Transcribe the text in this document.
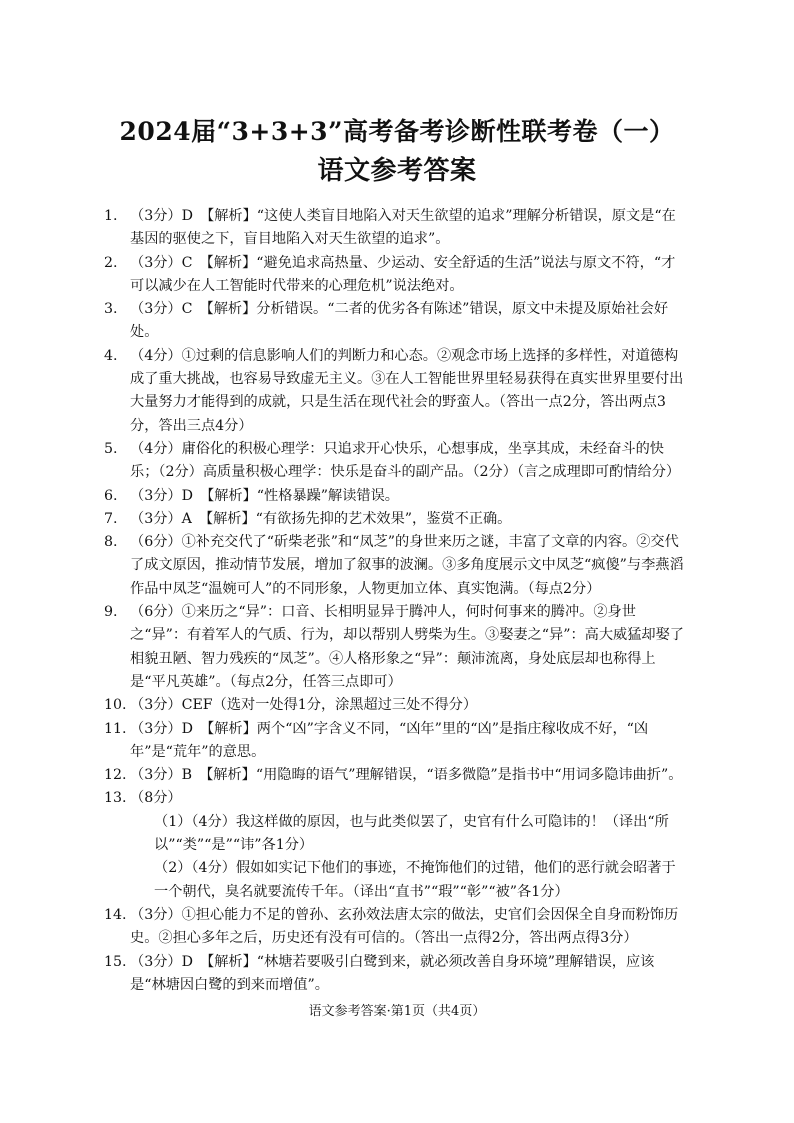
2024届“3+3+3”高考备考诊断性联考卷（一）
语文参考答案
1. （3分）D　【解析】“这使人类盲目地陷入对天生欲望的追求”理解分析错误，原文是“在基因的驱使之下，盲目地陷入对天生欲望的追求”。

2. （3分）C　【解析】“避免追求高热量、少运动、安全舒适的生活”说法与原文不符，“才可以减少在人工智能时代带来的心理危机”说法绝对。

3. （3分）C　【解析】分析错误。“二者的优劣各有陈述”错误，原文中未提及原始社会好处。

4. （4分）①过剩的信息影响人们的判断力和心态。②观念市场上选择的多样性，对道德构成了重大挑战，也容易导致虚无主义。③在人工智能世界里轻易获得在真实世界里要付出大量努力才能得到的成就，只是生活在现代社会的野蛮人。（答出一点2分，答出两点3分，答出三点4分）

5. （4分）庸俗化的积极心理学：只追求开心快乐，心想事成，坐享其成，未经奋斗的快乐；（2分）高质量积极心理学：快乐是奋斗的副产品。（2分）（言之成理即可酌情给分）

6. （3分）D　【解析】“性格暴躁”解读错误。

7. （3分）A　【解析】“有欲扬先抑的艺术效果”，鉴赏不正确。

8. （6分）①补充交代了“斫柴老张”和“凤芝”的身世来历之谜，丰富了文章的内容。②交代了成文原因，推动情节发展，增加了叙事的波澜。③多角度展示文中凤芝“疯傻”与李燕滔作品中凤芝“温婉可人”的不同形象，人物更加立体、真实饱满。（每点2分）

9. （6分）①来历之“异”：口音、长相明显异于腾冲人，何时何事来的腾冲。②身世之“异”：有着军人的气质、行为，却以帮别人劈柴为生。③娶妻之“异”：高大威猛却娶了相貌丑陋、智力残疾的“凤芝”。④人格形象之“异”：颠沛流离，身处底层却也称得上是“平凡英雄”。（每点2分，任答三点即可）

10. （3分）CEF（选对一处得1分，涂黑超过三处不得分）

11. （3分）D　【解析】两个“凶”字含义不同，“凶年”里的“凶”是指庄稼收成不好，“凶年”是“荒年”的意思。

12. （3分）B　【解析】“用隐晦的语气”理解错误，“语多微隐”是指书中“用词多隐讳曲折”。

13. （8分）

（1）（4分）我这样做的原因，也与此类似罢了，史官有什么可隐讳的！（译出“所以”“类”“是”“讳”各1分）

（2）（4分）假如如实记下他们的事迹，不掩饰他们的过错，他们的恶行就会昭著于一个朝代，臭名就要流传千年。（译出“直书”“瑕”“彰”“被”各1分）

14. （3分）①担心能力不足的曾孙、玄孙效法唐太宗的做法，史官们会因保全自身而粉饰历史。②担心多年之后，历史还有没有可信的。（答出一点得2分，答出两点得3分）

15. （3分）D　【解析】“林塘若要吸引白鹭到来，就必须改善自身环境”理解错误，应该是“林塘因白鹭的到来而增值”。

语文参考答案·第1页（共4页）
